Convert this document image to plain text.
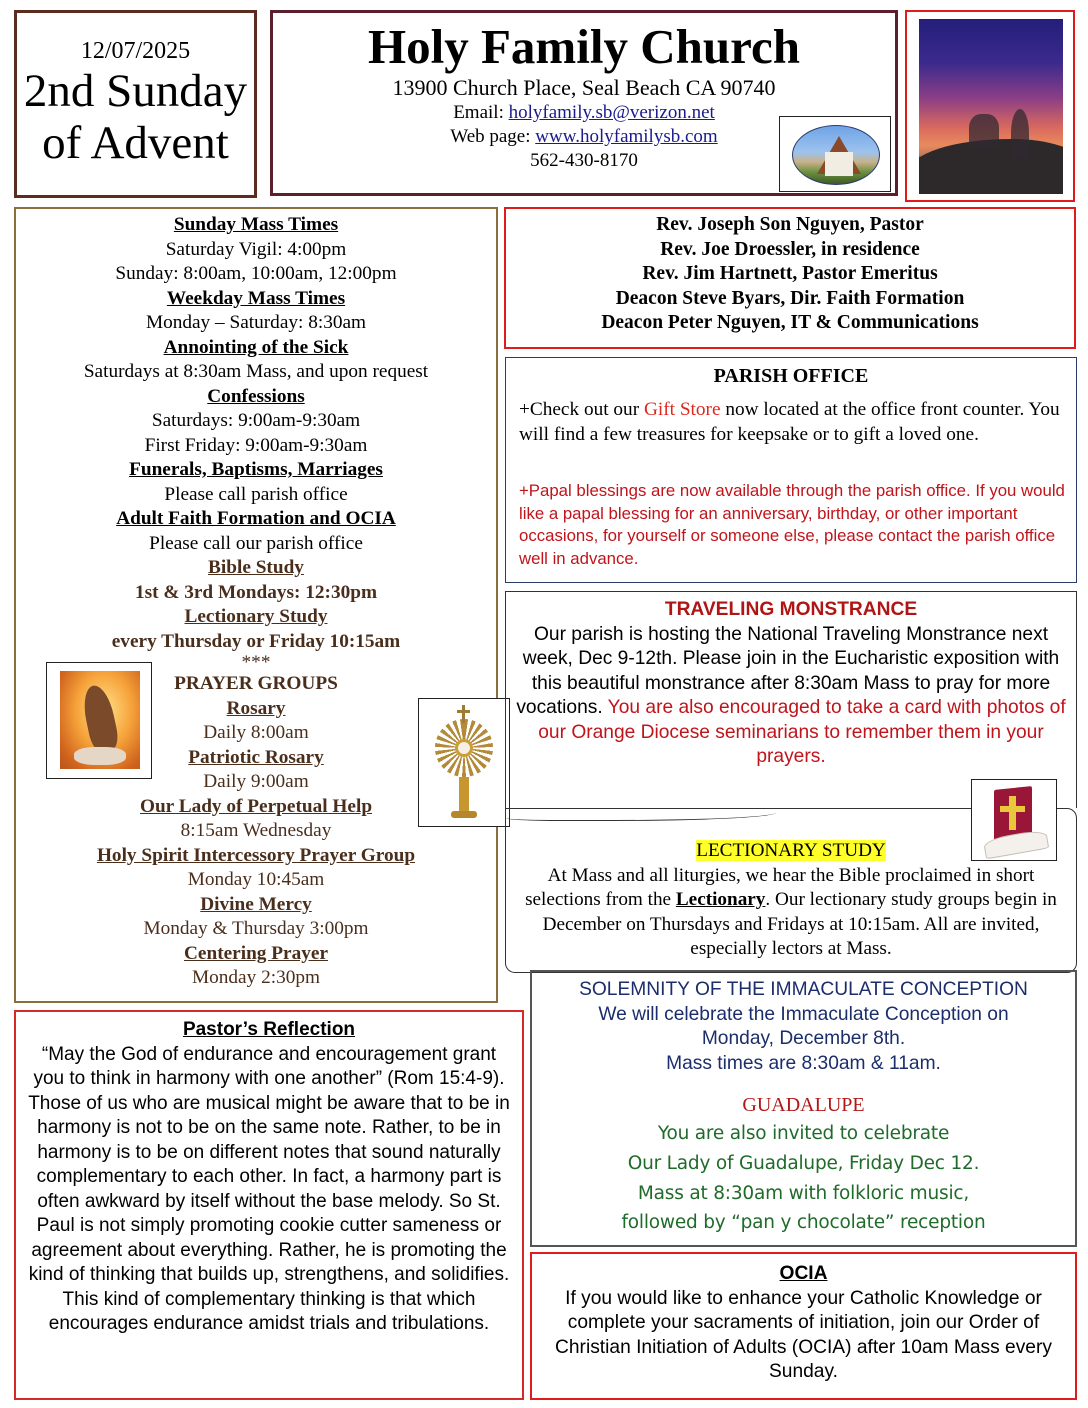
12/07/2025
2nd Sunday
of Advent
Holy Family Church
13900 Church Place, Seal Beach CA 90740
Email: holyfamily.sb@verizon.net
Web page: www.holyfamilysb.com
562-430-8170
Sunday Mass Times
Saturday Vigil: 4:00pm
Sunday: 8:00am, 10:00am, 12:00pm
Weekday Mass Times
Monday – Saturday: 8:30am
Annointing of the Sick
Saturdays at 8:30am Mass, and upon request
Confessions
Saturdays: 9:00am-9:30am
First Friday: 9:00am-9:30am
Funerals, Baptisms, Marriages
Please call parish office
Adult Faith Formation and OCIA
Please call our parish office
Bible Study
1st & 3rd Mondays: 12:30pm
Lectionary Study
every Thursday or Friday 10:15am
***
PRAYER GROUPS
Rosary
Daily 8:00am
Patriotic Rosary
Daily 9:00am
Our Lady of Perpetual Help
8:15am Wednesday
Holy Spirit Intercessory Prayer Group
Monday 10:45am
Divine Mercy
Monday & Thursday 3:00pm
Centering Prayer
Monday 2:30pm
Pastor’s Reflection
“May the God of endurance and encouragement grant you to think in harmony with one another” (Rom 15:4-9). Those of us who are musical might be aware that to be in harmony is not to be on the same note. Rather, to be in harmony is to be on different notes that sound naturally complementary to each other. In fact, a harmony part is often awkward by itself without the base melody. So St. Paul is not simply promoting cookie cutter sameness or agreement about everything. Rather, he is promoting the kind of thinking that builds up, strengthens, and solidifies. This kind of complementary thinking is that which encourages endurance amidst trials and tribulations.
Rev. Joseph Son Nguyen, Pastor
Rev. Joe Droessler, in residence
Rev. Jim Hartnett, Pastor Emeritus
Deacon Steve Byars, Dir. Faith Formation
Deacon Peter Nguyen, IT & Communications
PARISH OFFICE
+Check out our Gift Store now located at the office front counter. You will find a few treasures for keepsake or to gift a loved one.
+Papal blessings are now available through the parish office. If you would like a papal blessing for an anniversary, birthday, or other important occasions, for yourself or someone else, please contact the parish office well in advance.
TRAVELING MONSTRANCE
Our parish is hosting the National Traveling Monstrance next week, Dec 9-12th. Please join in the Eucharistic exposition with this beautiful monstrance after 8:30am Mass to pray for more vocations. You are also encouraged to take a card with photos of our Orange Diocese seminarians to remember them in your prayers.
LECTIONARY STUDY
At Mass and all liturgies, we hear the Bible proclaimed in short selections from the Lectionary. Our lectionary study groups begin in December on Thursdays and Fridays at 10:15am. All are invited, especially lectors at Mass.
SOLEMNITY OF THE IMMACULATE CONCEPTION
We will celebrate the Immaculate Conception on
Monday, December 8th.
Mass times are 8:30am & 11am.
GUADALUPE
You are also invited to celebrate
Our Lady of Guadalupe, Friday Dec 12.
Mass at 8:30am with folkloric music,
followed by “pan y chocolate” reception
OCIA
If you would like to enhance your Catholic Knowledge or complete your sacraments of initiation, join our Order of Christian Initiation of Adults (OCIA) after 10am Mass every Sunday.
